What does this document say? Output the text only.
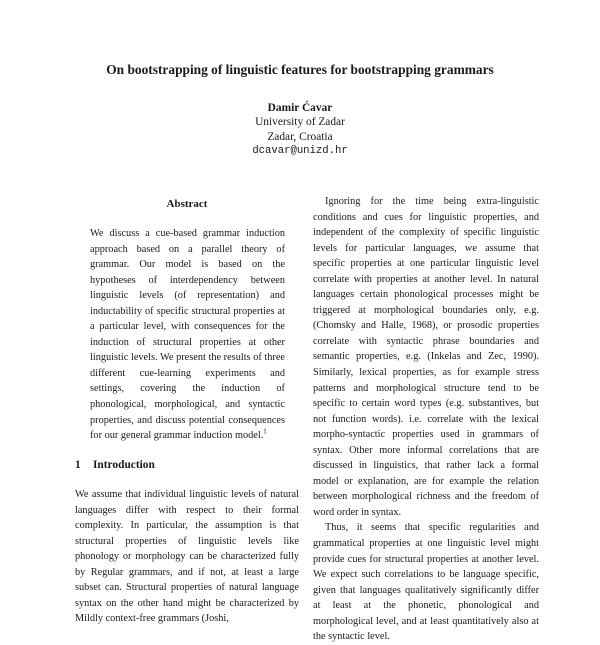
On bootstrapping of linguistic features for bootstrapping grammars
Damir Ćavar
University of Zadar
Zadar, Croatia
dcavar@unizd.hr
Abstract

We discuss a cue-based grammar induction approach based on a parallel theory of grammar. Our model is based on the hypotheses of interdependency between linguistic levels (of representation) and inductability of specific structural properties at a particular level, with consequences for the induction of structural properties at other linguistic levels. We present the results of three different cue-learning experiments and settings, covering the induction of phonological, morphological, and syntactic properties, and discuss potential consequences for our general grammar induction model.$^1$

1 Introduction

We assume that individual linguistic levels of natural languages differ with respect to their formal complexity. In particular, the assumption is that structural properties of linguistic levels like phonology or morphology can be characterized fully by Regular grammars, and if not, at least a large subset can. Structural properties of natural language syntax on the other hand might be characterized by Mildly context-free grammars (Joshi,

Ignoring for the time being extra-linguistic conditions and cues for linguistic properties, and independent of the complexity of specific linguistic levels for particular languages, we assume that specific properties at one particular linguistic level correlate with properties at another level. In natural languages certain phonological processes might be triggered at morphological boundaries only, e.g. (Chomsky and Halle, 1968), or prosodic properties correlate with syntactic phrase boundaries and semantic properties, e.g. (Inkelas and Zec, 1990). Similarly, lexical properties, as for example stress patterns and morphological structure tend to be specific to certain word types (e.g. substantives, but not function words). i.e. correlate with the lexical morpho-syntactic properties used in grammars of syntax. Other more informal correlations that are discussed in linguistics, that rather lack a formal model or explanation, are for example the relation between morphological richness and the freedom of word order in syntax.

Thus, it seems that specific regularities and grammatical properties at one linguistic level might provide cues for structural properties at another level. We expect such correlations to be language specific, given that languages qualitatively significantly differ at least at the phonetic, phonological and morphological level, and at least quantitatively also at the syntactic level.
